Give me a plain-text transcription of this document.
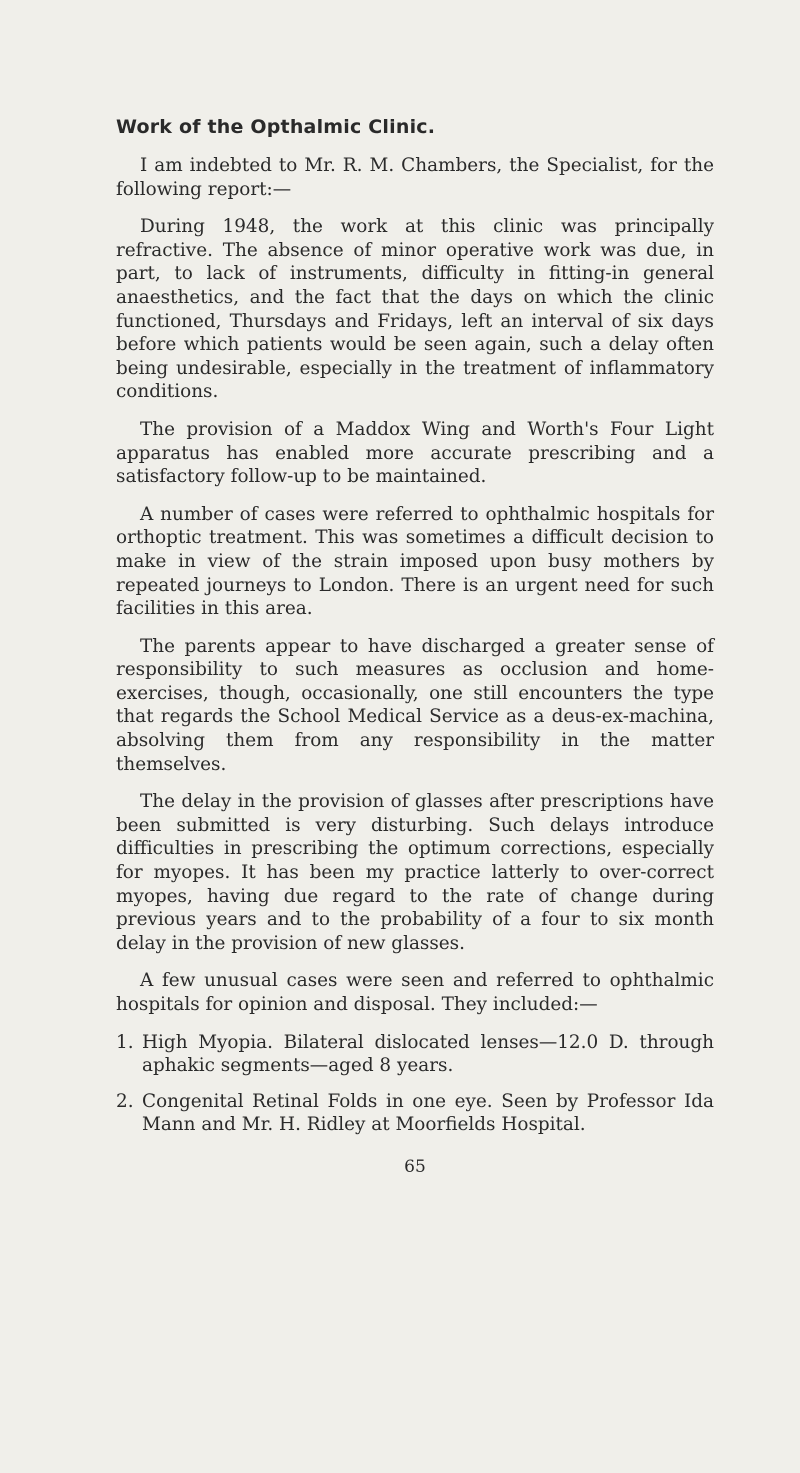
Work of the Opthalmic Clinic.

I am indebted to Mr. R. M. Chambers, the Specialist, for the following report:—

During 1948, the work at this clinic was principally refractive. The absence of minor operative work was due, in part, to lack of instruments, difficulty in fitting-in general anaesthetics, and the fact that the days on which the clinic functioned, Thursdays and Fridays, left an interval of six days before which patients would be seen again, such a delay often being undesirable, especially in the treatment of inflammatory conditions.

The provision of a Maddox Wing and Worth's Four Light apparatus has enabled more accurate prescribing and a satisfactory follow-up to be maintained.

A number of cases were referred to ophthalmic hospitals for orthoptic treatment. This was sometimes a difficult decision to make in view of the strain imposed upon busy mothers by repeated journeys to London. There is an urgent need for such facilities in this area.

The parents appear to have discharged a greater sense of responsibility to such measures as occlusion and home-exercises, though, occasionally, one still encounters the type that regards the School Medical Service as a deus-ex-machina, absolving them from any responsibility in the matter themselves.

The delay in the provision of glasses after prescriptions have been submitted is very disturbing. Such delays introduce difficulties in prescribing the optimum corrections, especially for myopes. It has been my practice latterly to over-correct myopes, having due regard to the rate of change during previous years and to the probability of a four to six month delay in the provision of new glasses.

A few unusual cases were seen and referred to ophthalmic hospitals for opinion and disposal. They included:—

1. High Myopia. Bilateral dislocated lenses—12.0 D. through aphakic segments—aged 8 years.
2. Congenital Retinal Folds in one eye. Seen by Professor Ida Mann and Mr. H. Ridley at Moorfields Hospital.
65
